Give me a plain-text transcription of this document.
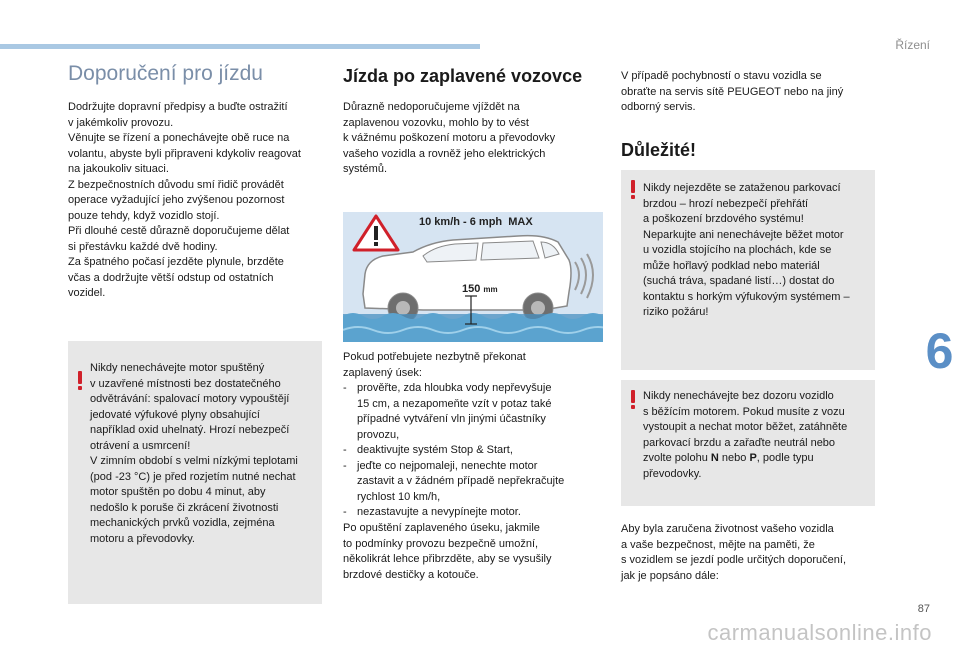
Řízení
6
Doporučení pro jízdu

Dodržujte dopravní předpisy a buďte ostražití
v jakémkoliv provozu.
Věnujte se řízení a ponechávejte obě ruce na
volantu, abyste byli připraveni kdykoliv reagovat
na jakoukoliv situaci.
Z bezpečnostních důvodu smí řidič provádět
operace vyžadující jeho zvýšenou pozornost
pouze tehdy, když vozidlo stojí.
Při dlouhé cestě důrazně doporučujeme dělat
si přestávku každé dvě hodiny.
Za špatného počasí jezděte plynule, brzděte
včas a dodržujte větší odstup od ostatních
vozidel.

Nikdy nenechávejte motor spuštěný
v uzavřené místnosti bez dostatečného
odvětrávání: spalovací motory vypouštějí
jedovaté výfukové plyny obsahující
například oxid uhelnatý. Hrozí nebezpečí
otrávení a usmrcení!
V zimním období s velmi nízkými teplotami
(pod -23 °C) je před rozjetím nutné nechat
motor spuštěn po dobu 4 minut, aby
nedošlo k poruše či zkrácení životnosti
mechanických prvků vozidla, zejména
motoru a převodovky.

Jízda po zaplavené vozovce

Důrazně nedoporučujeme vjíždět na
zaplavenou vozovku, mohlo by to vést
k vážnému poškození motoru a převodovky
vašeho vozidla a rovněž jeho elektrických
systémů.

10 km/h - 6 mph  MAX
150 mm

Pokud potřebujete nezbytně překonat
zaplavený úsek:

- prověřte, zda hloubka vody nepřevyšuje
15 cm, a nezapomeňte vzít v potaz také
případné vytváření vln jinými účastníky
provozu,
- deaktivujte systém Stop & Start,
- jeďte co nejpomaleji, nenechte motor
zastavit a v žádném případě nepřekračujte
rychlost 10 km/h,
- nezastavujte a nevypínejte motor.

Po opuštění zaplaveného úseku, jakmile
to podmínky provozu bezpečně umožní,
několikrát lehce přibrzděte, aby se vysušily
brzdové destičky a kotouče.

V případě pochybností o stavu vozidla se
obraťte na servis sítě PEUGEOT nebo na jiný
odborný servis.

Důležité!

Nikdy nejezděte se zataženou parkovací
brzdou – hrozí nebezpečí přehřátí
a poškození brzdového systému!
Neparkujte ani nenechávejte běžet motor
u vozidla stojícího na plochách, kde se
může hořlavý podklad nebo materiál
(suchá tráva, spadané listí…) dostat do
kontaktu s horkým výfukovým systémem –
riziko požáru!

Nikdy nenechávejte bez dozoru vozidlo
s běžícím motorem. Pokud musíte z vozu
vystoupit a nechat motor běžet, zatáhněte
parkovací brzdu a zařaďte neutrál nebo
zvolte polohu N nebo P, podle typu
převodovky.

Aby byla zaručena životnost vašeho vozidla
a vaše bezpečnost, mějte na paměti, že
s vozidlem se jezdí podle určitých doporučení,
jak je popsáno dále:

87
carmanualsonline.info
